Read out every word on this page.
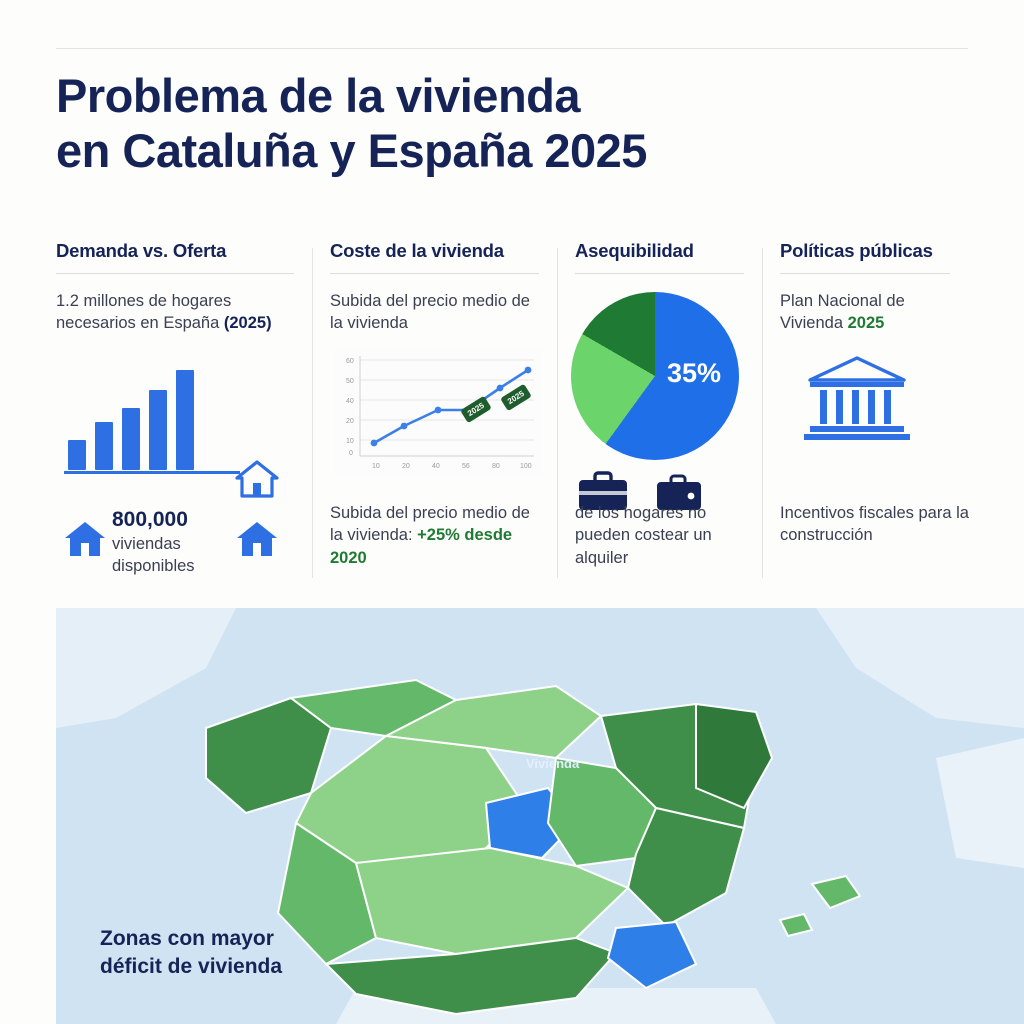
Problema de la vivienda
en Cataluña y España 2025
Demanda vs. Oferta
1.2 millones de hogares necesarios en España (2025)
800,000
viviendas disponibles
Coste de la vivienda
Subida del precio medio de la vivienda
60
50
40
20
10
0
10	20	40	56	80	100
2025
2025
Subida del precio medio de la vivienda: +25% desde 2020
Asequibilidad
35%
de los hogares no pueden costear un alquiler
Políticas públicas
Plan Nacional de Vivienda 2025
Incentivos fiscales para la construcción
Vivienda
Zonas con mayor
déficit de vivienda
